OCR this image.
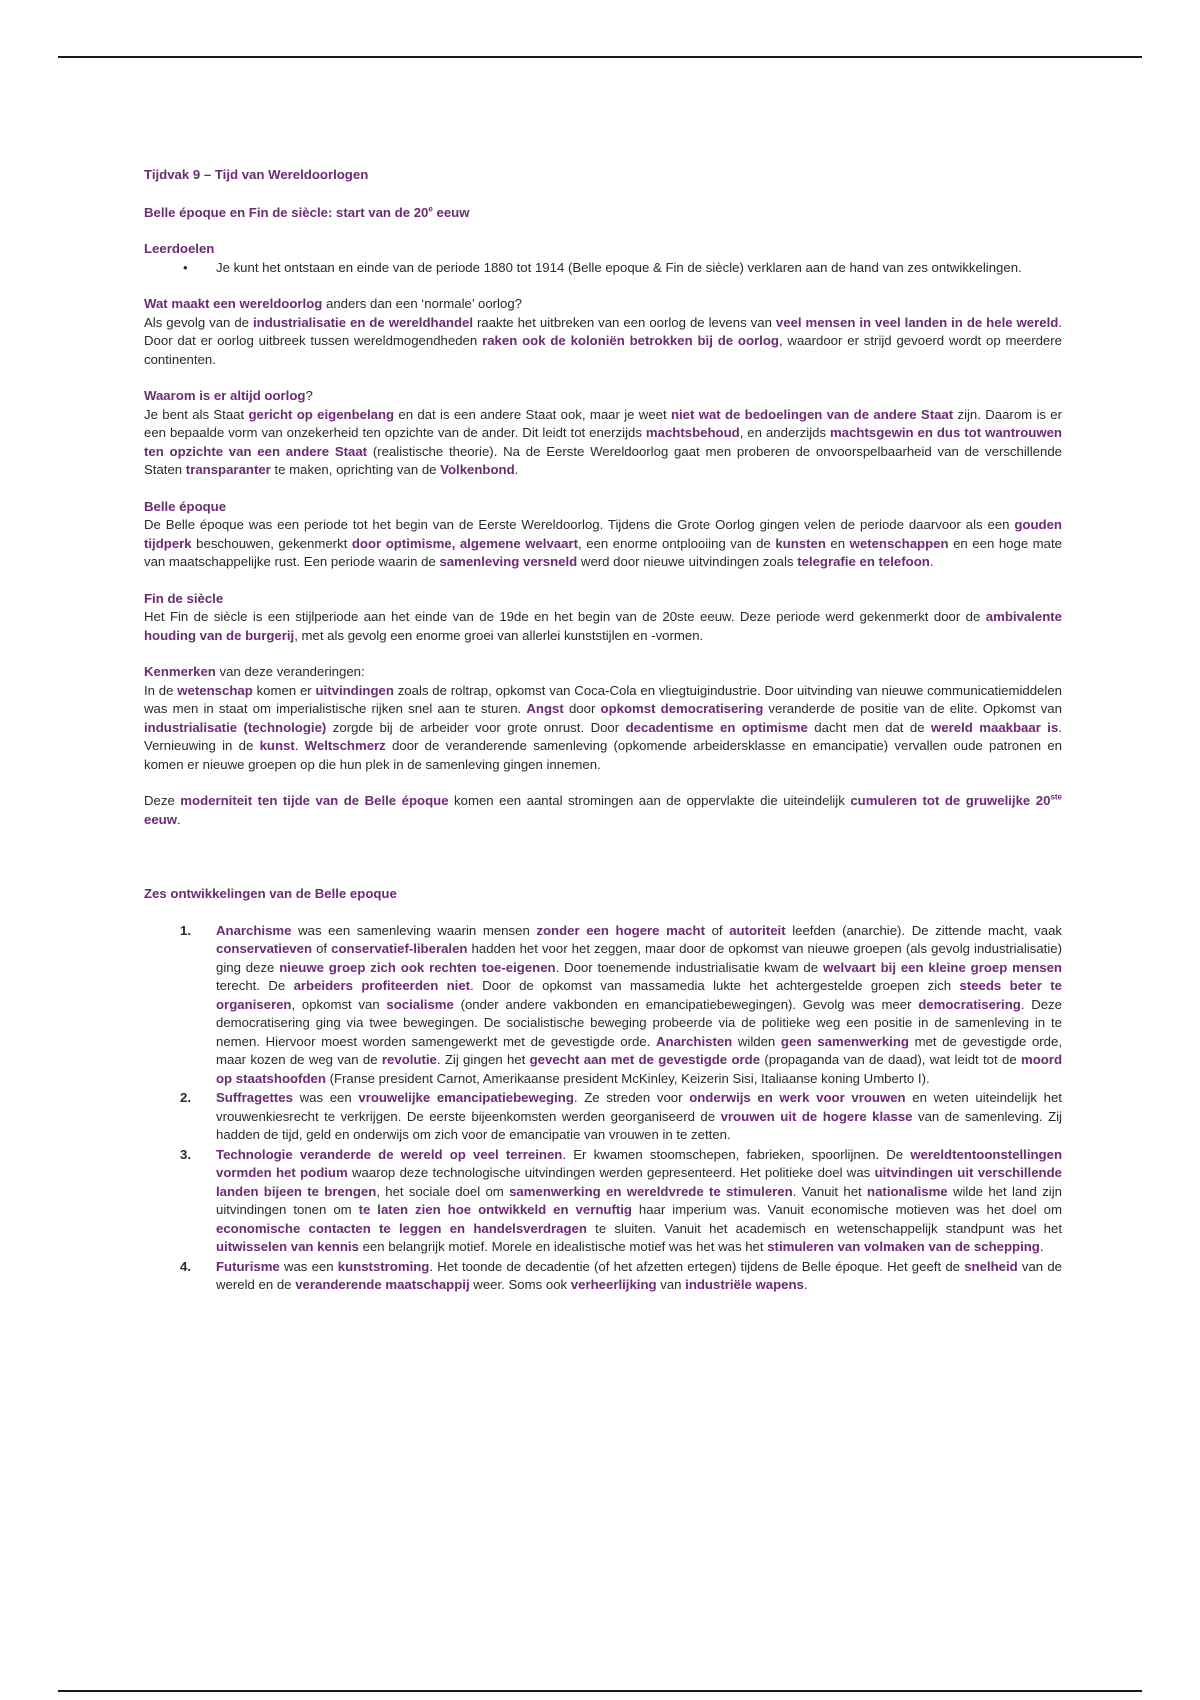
Tijdvak 9 – Tijd van Wereldoorlogen

Belle époque en Fin de siècle: start van de 20e eeuw

Leerdoelen

• Je kunt het ontstaan en einde van de periode 1880 tot 1914 (Belle epoque & Fin de siècle) verklaren aan de hand van zes ontwikkelingen.

Wat maakt een wereldoorlog anders dan een ‘normale’ oorlog?

Als gevolg van de industrialisatie en de wereldhandel raakte het uitbreken van een oorlog de levens van veel mensen in veel landen in de hele wereld. Door dat er oorlog uitbreek tussen wereldmogendheden raken ook de koloniën betrokken bij de oorlog, waardoor er strijd gevoerd wordt op meerdere continenten.

Waarom is er altijd oorlog?

Je bent als Staat gericht op eigenbelang en dat is een andere Staat ook, maar je weet niet wat de bedoelingen van de andere Staat zijn. Daarom is er een bepaalde vorm van onzekerheid ten opzichte van de ander. Dit leidt tot enerzijds machtsbehoud, en anderzijds machtsgewin en dus tot wantrouwen ten opzichte van een andere Staat (realistische theorie). Na de Eerste Wereldoorlog gaat men proberen de onvoorspelbaarheid van de verschillende Staten transparanter te maken, oprichting van de Volkenbond.

Belle époque

De Belle époque was een periode tot het begin van de Eerste Wereldoorlog. Tijdens die Grote Oorlog gingen velen de periode daarvoor als een gouden tijdperk beschouwen, gekenmerkt door optimisme, algemene welvaart, een enorme ontplooiing van de kunsten en wetenschappen en een hoge mate van maatschappelijke rust. Een periode waarin de samenleving versneld werd door nieuwe uitvindingen zoals telegrafie en telefoon.

Fin de siècle

Het Fin de siècle is een stijlperiode aan het einde van de 19de en het begin van de 20ste eeuw. Deze periode werd gekenmerkt door de ambivalente houding van de burgerij, met als gevolg een enorme groei van allerlei kunststijlen en -vormen.

Kenmerken van deze veranderingen:

In de wetenschap komen er uitvindingen zoals de roltrap, opkomst van Coca-Cola en vliegtuigindustrie. Door uitvinding van nieuwe communicatiemiddelen was men in staat om imperialistische rijken snel aan te sturen. Angst door opkomst democratisering veranderde de positie van de elite. Opkomst van industrialisatie (technologie) zorgde bij de arbeider voor grote onrust. Door decadentisme en optimisme dacht men dat de wereld maakbaar is. Vernieuwing in de kunst. Weltschmerz door de veranderende samenleving (opkomende arbeidersklasse en emancipatie) vervallen oude patronen en komen er nieuwe groepen op die hun plek in de samenleving gingen innemen.

Deze moderniteit ten tijde van de Belle époque komen een aantal stromingen aan de oppervlakte die uiteindelijk cumuleren tot de gruwelijke 20ste eeuw.

Zes ontwikkelingen van de Belle epoque

1. Anarchisme was een samenleving waarin mensen zonder een hogere macht of autoriteit leefden (anarchie). De zittende macht, vaak conservatieven of conservatief-liberalen hadden het voor het zeggen, maar door de opkomst van nieuwe groepen (als gevolg industrialisatie) ging deze nieuwe groep zich ook rechten toe-eigenen. Door toenemende industrialisatie kwam de welvaart bij een kleine groep mensen terecht. De arbeiders profiteerden niet. Door de opkomst van massamedia lukte het achtergestelde groepen zich steeds beter te organiseren, opkomst van socialisme (onder andere vakbonden en emancipatiebewegingen). Gevolg was meer democratisering. Deze democratisering ging via twee bewegingen. De socialistische beweging probeerde via de politieke weg een positie in de samenleving in te nemen. Hiervoor moest worden samengewerkt met de gevestigde orde. Anarchisten wilden geen samenwerking met de gevestigde orde, maar kozen de weg van de revolutie. Zij gingen het gevecht aan met de gevestigde orde (propaganda van de daad), wat leidt tot de moord op staatshoofden (Franse president Carnot, Amerikaanse president McKinley, Keizerin Sisi, Italiaanse koning Umberto I).
2. Suffragettes was een vrouwelijke emancipatiebeweging. Ze streden voor onderwijs en werk voor vrouwen en weten uiteindelijk het vrouwenkiesrecht te verkrijgen. De eerste bijeenkomsten werden georganiseerd de vrouwen uit de hogere klasse van de samenleving. Zij hadden de tijd, geld en onderwijs om zich voor de emancipatie van vrouwen in te zetten.
3. Technologie veranderde de wereld op veel terreinen. Er kwamen stoomschepen, fabrieken, spoorlijnen. De wereldtentoonstellingen vormden het podium waarop deze technologische uitvindingen werden gepresenteerd. Het politieke doel was uitvindingen uit verschillende landen bijeen te brengen, het sociale doel om samenwerking en wereldvrede te stimuleren. Vanuit het nationalisme wilde het land zijn uitvindingen tonen om te laten zien hoe ontwikkeld en vernuftig haar imperium was. Vanuit economische motieven was het doel om economische contacten te leggen en handelsverdragen te sluiten. Vanuit het academisch en wetenschappelijk standpunt was het uitwisselen van kennis een belangrijk motief. Morele en idealistische motief was het was het stimuleren van volmaken van de schepping.
4. Futurisme was een kunststroming. Het toonde de decadentie (of het afzetten ertegen) tijdens de Belle époque. Het geeft de snelheid van de wereld en de veranderende maatschappij weer. Soms ook verheerlijking van industriële wapens.
